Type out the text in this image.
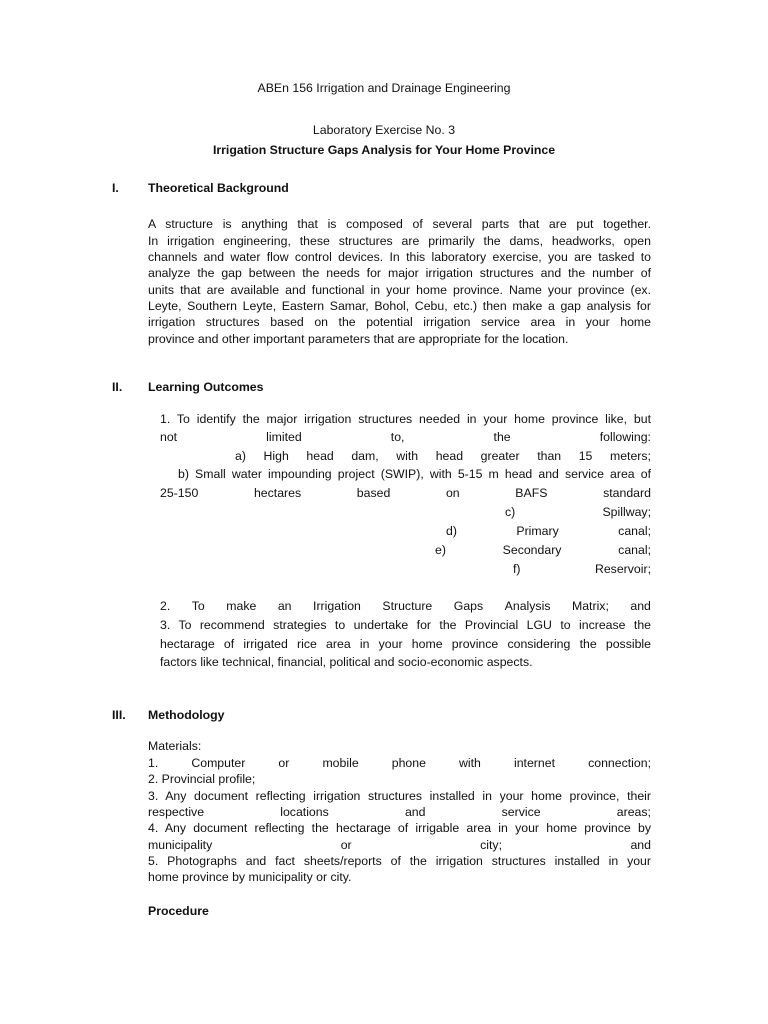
ABEn 156 Irrigation and Drainage Engineering
Laboratory Exercise No. 3
Irrigation Structure Gaps Analysis for Your Home Province
I. Theoretical Background
A structure is anything that is composed of several parts that are put together.
In irrigation engineering, these structures are primarily the dams, headworks, open
channels and water flow control devices. In this laboratory exercise, you are tasked to
analyze the gap between the needs for major irrigation structures and the number of
units that are available and functional in your home province. Name your province (ex.
Leyte, Southern Leyte, Eastern Samar, Bohol, Cebu, etc.) then make a gap analysis for
irrigation structures based on the potential irrigation service area in your home
province and other important parameters that are appropriate for the location.
II. Learning Outcomes
1. To identify the major irrigation structures needed in your home province like, but
not	limited	to,	the	following:
a) High head dam, with head greater than 15 meters;
b) Small water impounding project (SWIP), with 5-15 m head and service area of
25-150	hectares	based	on	BAFS	standard
c)	Spillway;
d)	Primary	canal;
e)	Secondary	canal;
f)	Reservoir;
2. To make an Irrigation Structure Gaps Analysis Matrix; and
3. To recommend strategies to undertake for the Provincial LGU to increase the
hectarage of irrigated rice area in your home province considering the possible
factors like technical, financial, political and socio-economic aspects.
III. Methodology
Materials:
1.	Computer	or	mobile	phone	with	internet	connection;
2. Provincial profile;
3. Any document reflecting irrigation structures installed in your home province, their
respective	locations	and	service	areas;
4. Any document reflecting the hectarage of irrigable area in your home province by
municipality	or	city;	and
5. Photographs and fact sheets/reports of the irrigation structures installed in your
home province by municipality or city.
Procedure
